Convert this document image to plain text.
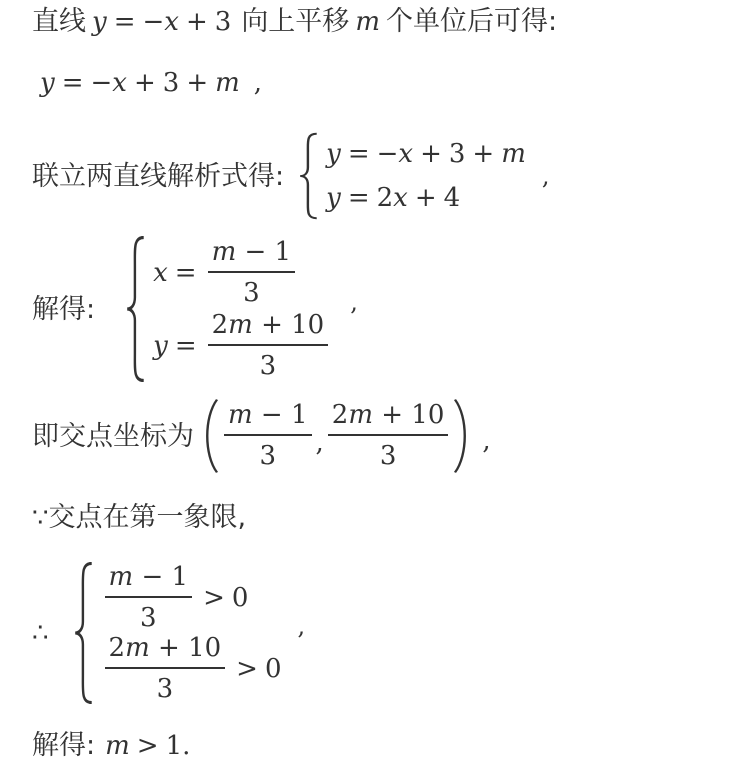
直线 y = − x + 3 向上平移 m 个单位后可得:
y = − x + 3 + m ,
联立两直线解析式得:
y = − x + 3 + m
y = 2 x + 4
,
解得:
$x = \frac{m - 1}{3}$
$y = \frac{2m + 10}{3}$
,
即交点坐标为 $\frac{m - 1}{3}$ , $\frac{2m + 10}{3}$ ,
∵ 交点在第一象限,
∴
$\frac{m - 1}{3} > 0$
$\frac{2m + 10}{3} > 0$
,
解得: m > 1.
